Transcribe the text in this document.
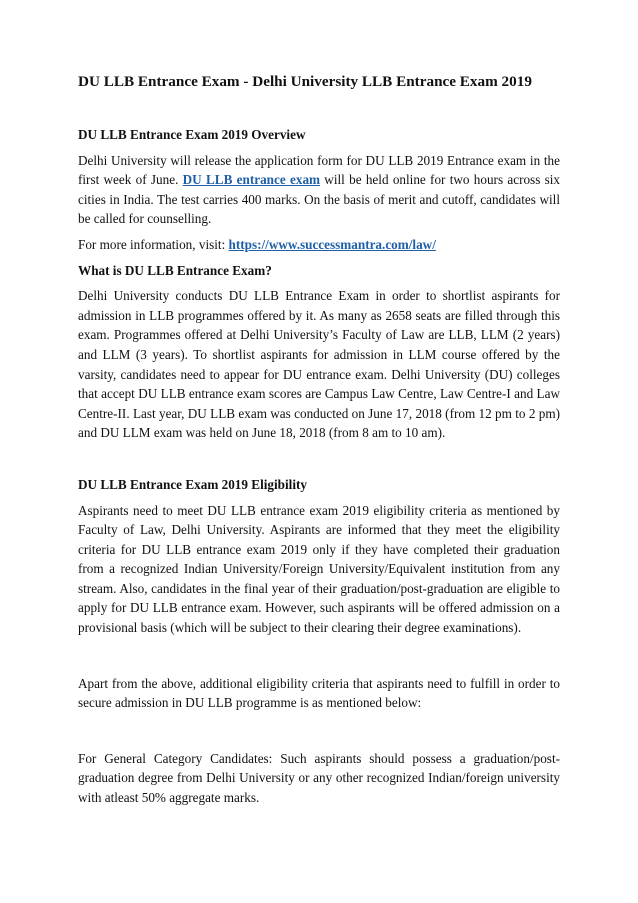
DU LLB Entrance Exam - Delhi University LLB Entrance Exam 2019
DU LLB Entrance Exam 2019 Overview

Delhi University will release the application form for DU LLB 2019 Entrance exam in the first week of June. DU LLB entrance exam will be held online for two hours across six cities in India. The test carries 400 marks. On the basis of merit and cutoff, candidates will be called for counselling.

For more information, visit: https://www.successmantra.com/law/

What is DU LLB Entrance Exam?

Delhi University conducts DU LLB Entrance Exam in order to shortlist aspirants for admission in LLB programmes offered by it. As many as 2658 seats are filled through this exam. Programmes offered at Delhi University’s Faculty of Law are LLB, LLM (2 years) and LLM (3 years). To shortlist aspirants for admission in LLM course offered by the varsity, candidates need to appear for DU entrance exam. Delhi University (DU) colleges that accept DU LLB entrance exam scores are Campus Law Centre, Law Centre-I and Law Centre-II. Last year, DU LLB exam was conducted on June 17, 2018 (from 12 pm to 2 pm) and DU LLM exam was held on June 18, 2018 (from 8 am to 10 am).

DU LLB Entrance Exam 2019 Eligibility

Aspirants need to meet DU LLB entrance exam 2019 eligibility criteria as mentioned by Faculty of Law, Delhi University. Aspirants are informed that they meet the eligibility criteria for DU LLB entrance exam 2019 only if they have completed their graduation from a recognized Indian University/Foreign University/Equivalent institution from any stream. Also, candidates in the final year of their graduation/post-graduation are eligible to apply for DU LLB entrance exam. However, such aspirants will be offered admission on a provisional basis (which will be subject to their clearing their degree examinations).

Apart from the above, additional eligibility criteria that aspirants need to fulfill in order to secure admission in DU LLB programme is as mentioned below:

For General Category Candidates: Such aspirants should possess a graduation/post-graduation degree from Delhi University or any other recognized Indian/foreign university with atleast 50% aggregate marks.
